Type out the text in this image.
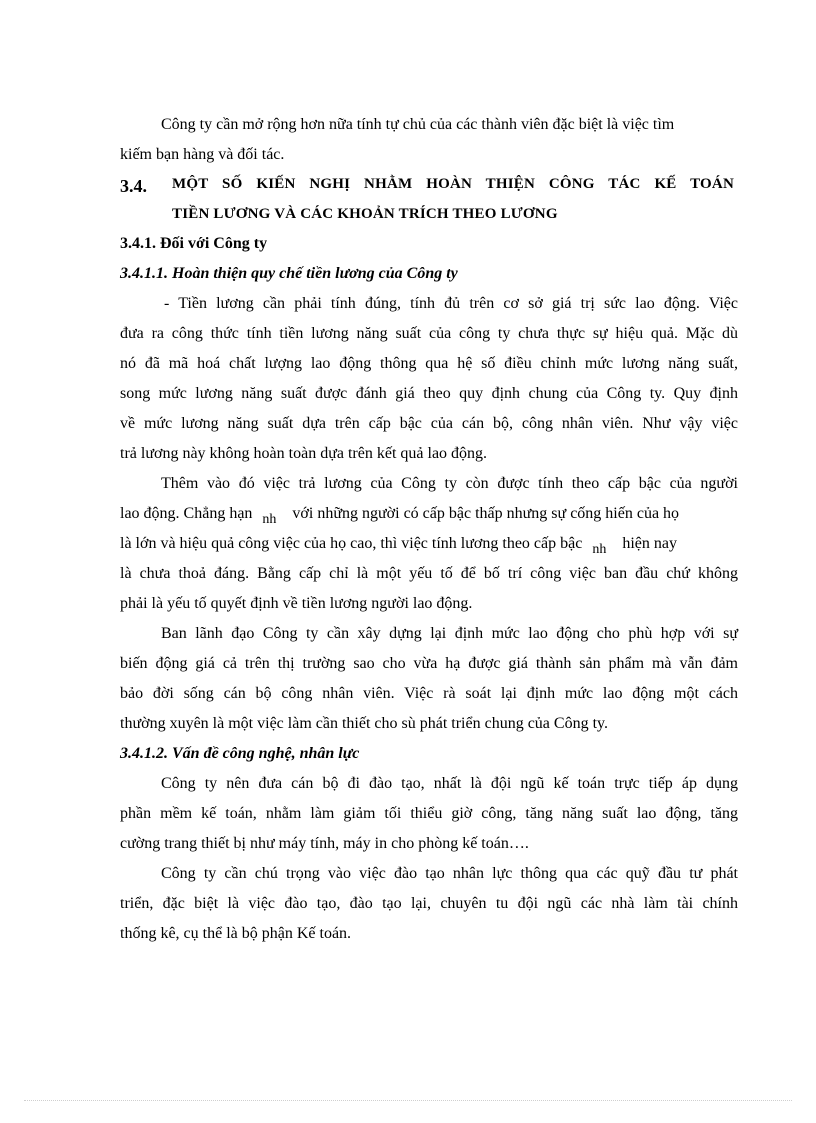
Công ty cần mở rộng hơn nữa tính tự chủ của các thành viên đặc biệt là việc tìm
kiếm bạn hàng và đối tác.
3.4. MỘT SỐ KIẾN NGHỊ NHẰM HOÀN THIỆN CÔNG TÁC KẾ TOÁN
TIỀN LƯƠNG VÀ CÁC KHOẢN TRÍCH THEO LƯƠNG
3.4.1. Đối với Công ty
3.4.1.1. Hoàn thiện quy chế tiền lương của Công ty
- Tiền lương cần phải tính đúng, tính đủ trên cơ sở giá trị sức lao động. Việc
đưa ra công thức tính tiền lương năng suất của công ty chưa thực sự hiệu quả. Mặc dù
nó đã mã hoá chất lượng lao động thông qua hệ số điều chỉnh mức lương năng suất,
song mức lương năng suất được đánh giá theo quy định chung của Công ty. Quy định
về mức lương năng suất dựa trên cấp bậc của cán bộ, công nhân viên. Như vậy việc
trả lương này không hoàn toàn dựa trên kết quả lao động.
Thêm vào đó việc trả lương của Công ty còn được tính theo cấp bậc của người
lao động. Chẳng hạn nh với những người có cấp bậc thấp nhưng sự cống hiến của họ
là lớn và hiệu quả công việc của họ cao, thì việc tính lương theo cấp bậc nh hiện nay
là chưa thoả đáng. Bằng cấp chỉ là một yếu tố để bố trí công việc ban đầu chứ không
phải là yếu tố quyết định về tiền lương người lao động.
Ban lãnh đạo Công ty cần xây dựng lại định mức lao động cho phù hợp với sự
biến động giá cả trên thị trường sao cho vừa hạ được giá thành sản phẩm mà vẫn đảm
bảo đời sống cán bộ công nhân viên. Việc rà soát lại định mức lao động một cách
thường xuyên là một việc làm cần thiết cho sù phát triển chung của Công ty.
3.4.1.2. Vấn đề công nghệ, nhân lực
Công ty nên đưa cán bộ đi đào tạo, nhất là đội ngũ kế toán trực tiếp áp dụng
phần mềm kế toán, nhằm làm giảm tối thiểu giờ công, tăng năng suất lao động, tăng
cường trang thiết bị như máy tính, máy in cho phòng kế toán….
Công ty cần chú trọng vào việc đào tạo nhân lực thông qua các quỹ đầu tư phát
triển, đặc biệt là việc đào tạo, đào tạo lại, chuyên tu đội ngũ các nhà làm tài chính
thống kê, cụ thể là bộ phận Kế toán.
